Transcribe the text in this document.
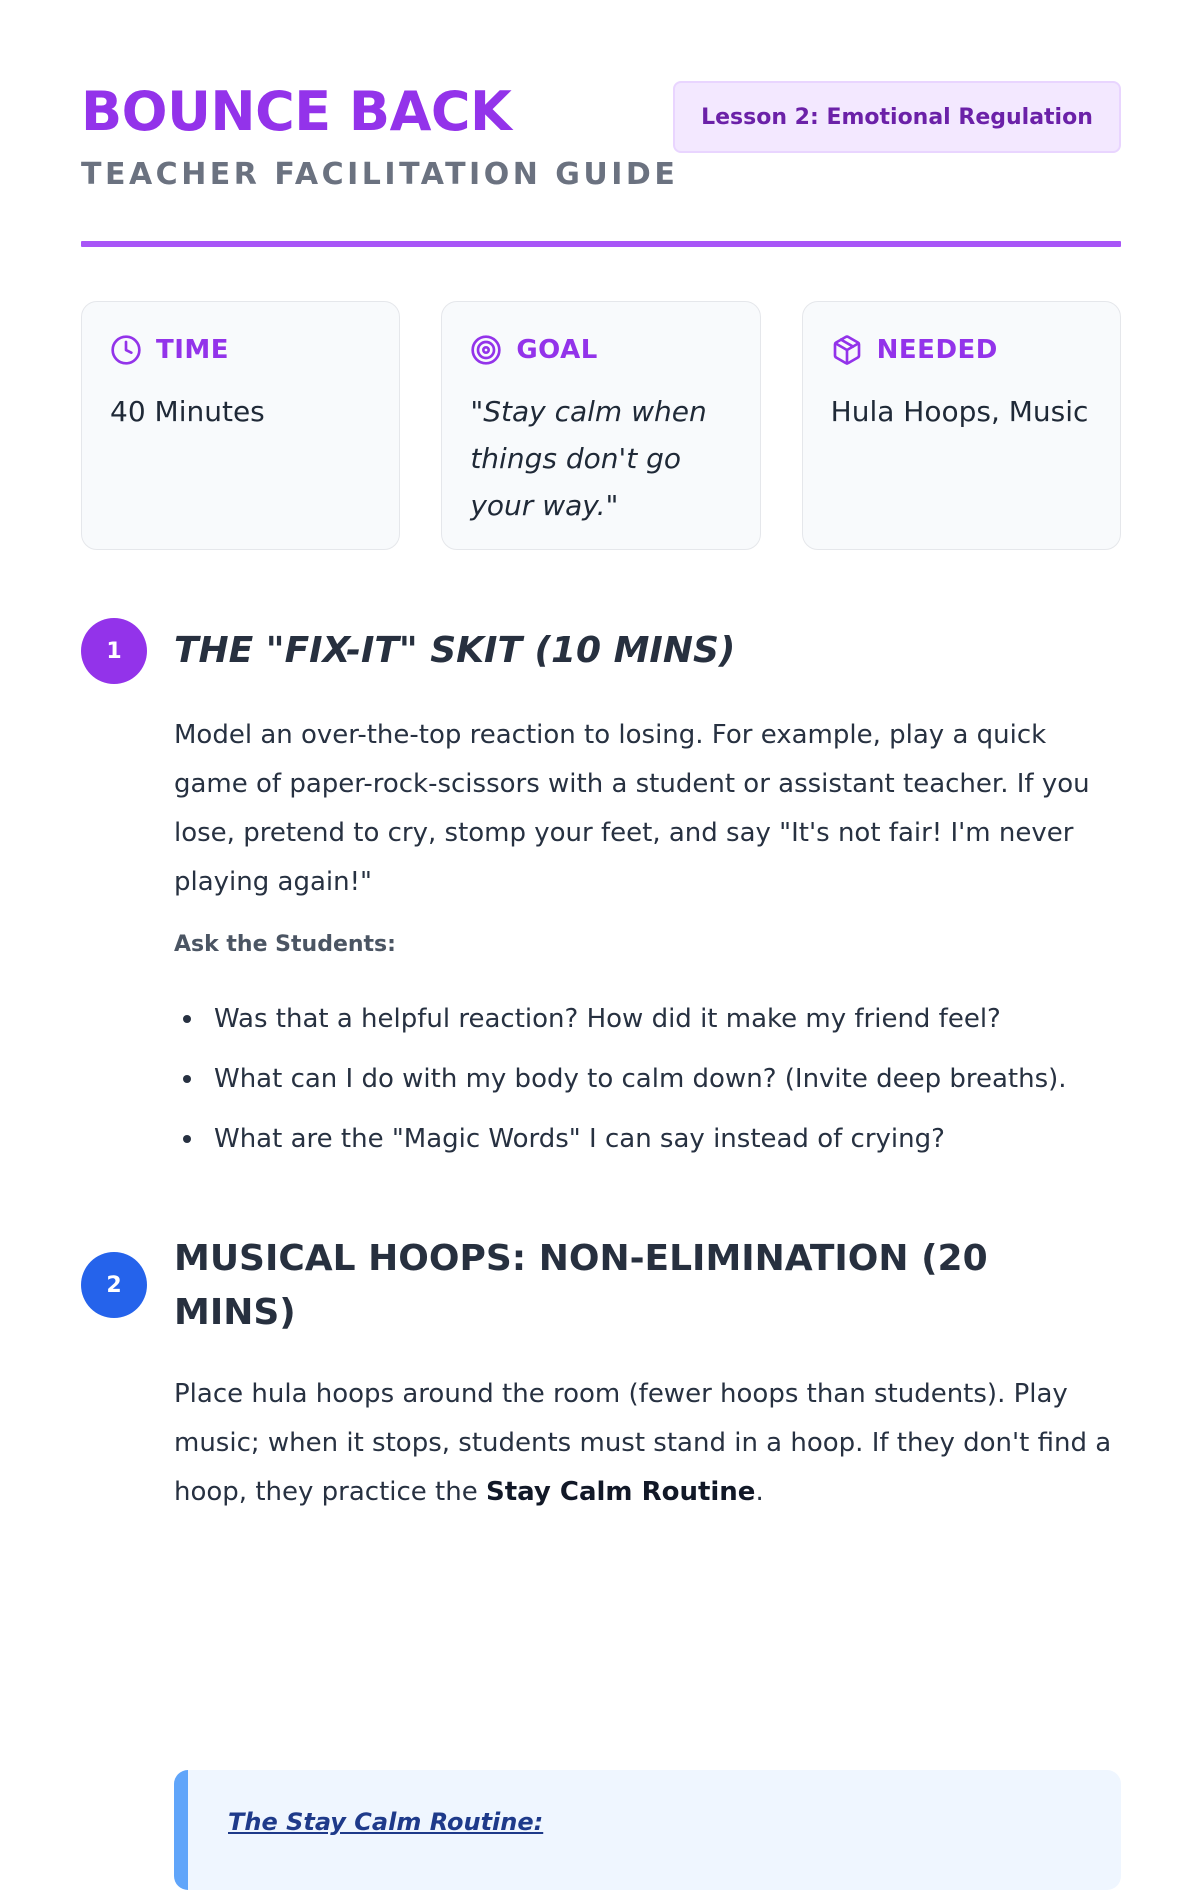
BOUNCE BACK
TEACHER FACILITATION GUIDE
Lesson 2: Emotional Regulation
TIME
40 Minutes
GOAL
"Stay calm when things don't go your way."
NEEDED
Hula Hoops, Music
1	THE "FIX-IT" SKIT (10 MINS)

Model an over-the-top reaction to losing. For example, play a quick game of paper-rock-scissors with a student or assistant teacher. If you lose, pretend to cry, stomp your feet, and say "It's not fair! I'm never playing again!"

Ask the Students:
Was that a helpful reaction? How did it make my friend feel?
What can I do with my body to calm down? (Invite deep breaths).
What are the "Magic Words" I can say instead of crying?
2
MUSICAL HOOPS: NON-ELIMINATION (20 MINS)

Place hula hoops around the room (fewer hoops than students). Play music; when it stops, students must stand in a hoop. If they don't find a hoop, they practice the Stay Calm Routine.

The Stay Calm Routine:
